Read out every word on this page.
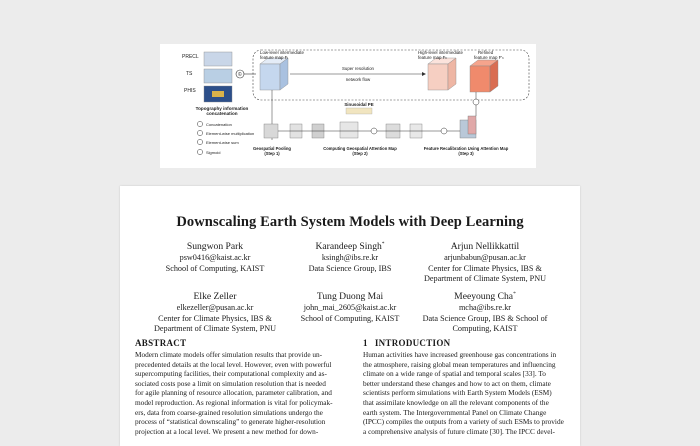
PRECL
TS
PHIS
©
Topography information
concatenation
Concatenation
Element-wise multiplication
Element-wise sum
Sigmoid
Low-level intermediate
feature map Fₗ
Super resolution
network flow
High-level intermediate
feature map Fₕ
Refined
feature map F'ₕ
Sinusoidal PE
Geospatial Pooling
(Step 1)
Computing Geospatial Attention Map
(Step 2)
Feature Recalibration Using Attention Map
(Step 3)
Downscaling Earth System Models with Deep Learning
Sungwon Park
psw0416@kaist.ac.kr
School of Computing, KAIST
Karandeep Singh*
ksingh@ibs.re.kr
Data Science Group, IBS
Arjun Nellikkattil
arjunbabun@pusan.ac.kr
Center for Climate Physics, IBS &
Department of Climate System, PNU
Elke Zeller
elkezeller@pusan.ac.kr
Center for Climate Physics, IBS &
Department of Climate System, PNU
Tung Duong Mai
john_mai_2605@kaist.ac.kr
School of Computing, KAIST
Meeyoung Cha*
mcha@ibs.re.kr
Data Science Group, IBS & School of
Computing, KAIST
ABSTRACT	1 INTRODUCTION
Modern climate models offer simulation results that provide un-
precedented details at the local level. However, even with powerful
supercomputing facilities, their computational complexity and as-
sociated costs pose a limit on simulation resolution that is needed
for agile planning of resource allocation, parameter calibration, and
model reproduction. As regional information is vital for policymak-
ers, data from coarse-grained resolution simulations undergo the
process of “statistical downscaling” to generate higher-resolution
projection at a local level. We present a new method for down-
Human activities have increased greenhouse gas concentrations in
the atmosphere, raising global mean temperatures and influencing
climate on a wide range of spatial and temporal scales [33]. To
better understand these changes and how to act on them, climate
scientists perform simulations with Earth System Models (ESM)
that assimilate knowledge on all the relevant components of the
earth system. The Intergovernmental Panel on Climate Change
(IPCC) compiles the outputs from a variety of such ESMs to provide
a comprehensive analysis of future climate [30]. The IPCC devel-
